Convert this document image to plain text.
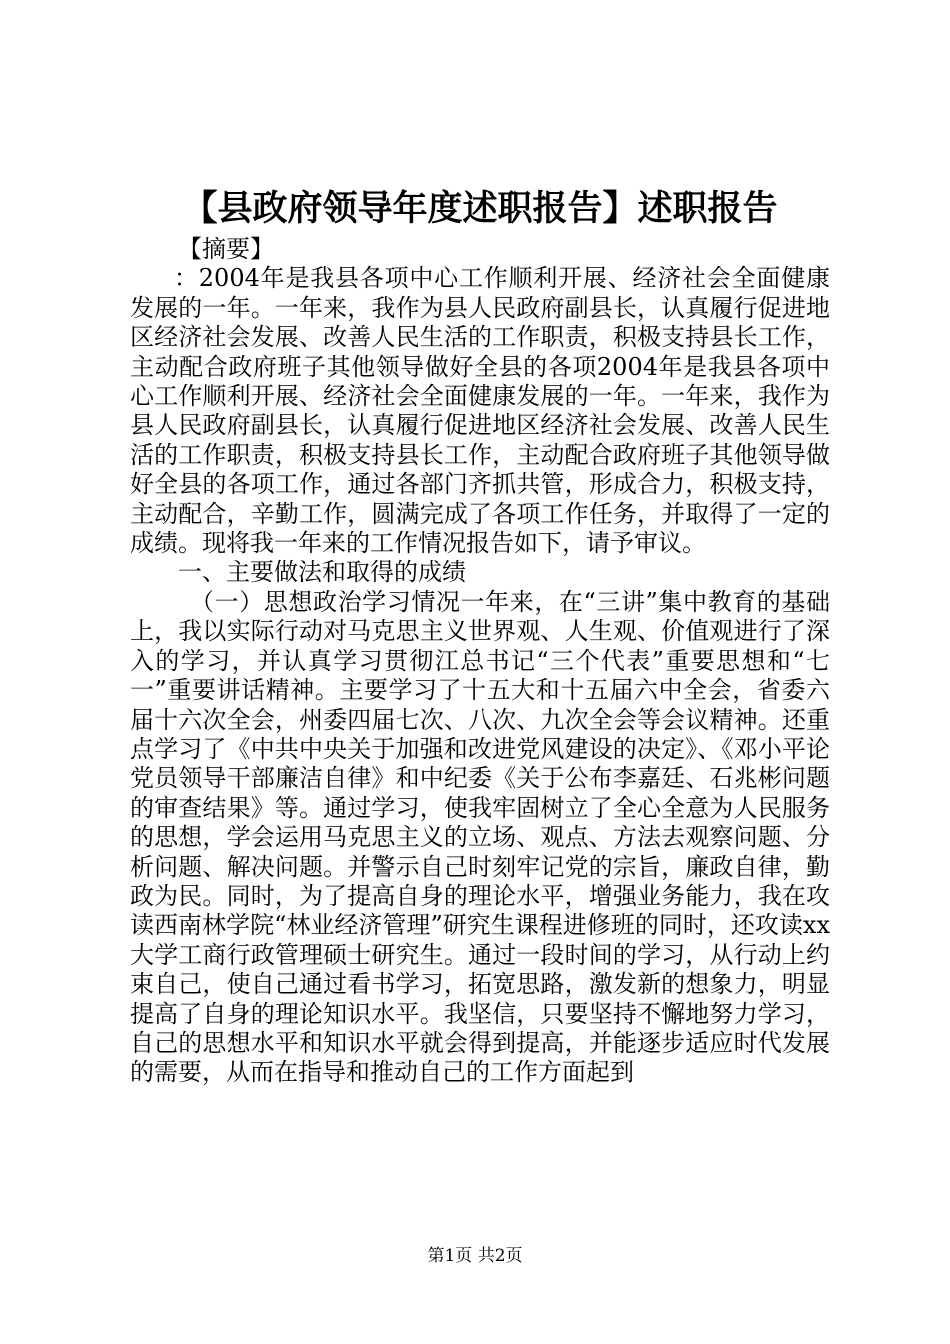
【县政府领导年度述职报告】述职报告

【摘要】

：2004年是我县各项中心工作顺利开展、经济社会全面健康发展的一年。一年来，我作为县人民政府副县长，认真履行促进地区经济社会发展、改善人民生活的工作职责，积极支持县长工作，主动配合政府班子其他领导做好全县的各项2004年是我县各项中心工作顺利开展、经济社会全面健康发展的一年。一年来，我作为县人民政府副县长，认真履行促进地区经济社会发展、改善人民生活的工作职责，积极支持县长工作，主动配合政府班子其他领导做好全县的各项工作，通过各部门齐抓共管，形成合力，积极支持，主动配合，辛勤工作，圆满完成了各项工作任务，并取得了一定的成绩。现将我一年来的工作情况报告如下，请予审议。

一、主要做法和取得的成绩

（一）思想政治学习情况一年来，在“三讲”集中教育的基础上，我以实际行动对马克思主义世界观、人生观、价值观进行了深入的学习，并认真学习贯彻江总书记“三个代表”重要思想和“七一”重要讲话精神。主要学习了十五大和十五届六中全会，省委六届十六次全会，州委四届七次、八次、九次全会等会议精神。还重点学习了《中共中央关于加强和改进党风建设的决定》、《邓小平论党员领导干部廉洁自律》和中纪委《关于公布李嘉廷、石兆彬问题的审查结果》等。通过学习，使我牢固树立了全心全意为人民服务的思想，学会运用马克思主义的立场、观点、方法去观察问题、分析问题、解决问题。并警示自己时刻牢记党的宗旨，廉政自律，勤政为民。同时，为了提高自身的理论水平，增强业务能力，我在攻读西南林学院“林业经济管理”研究生课程进修班的同时，还攻读xx大学工商行政管理硕士研究生。通过一段时间的学习，从行动上约束自己，使自己通过看书学习，拓宽思路，激发新的想象力，明显提高了自身的理论知识水平。我坚信，只要坚持不懈地努力学习，自己的思想水平和知识水平就会得到提高，并能逐步适应时代发展的需要，从而在指导和推动自己的工作方面起到

第1页 共2页
